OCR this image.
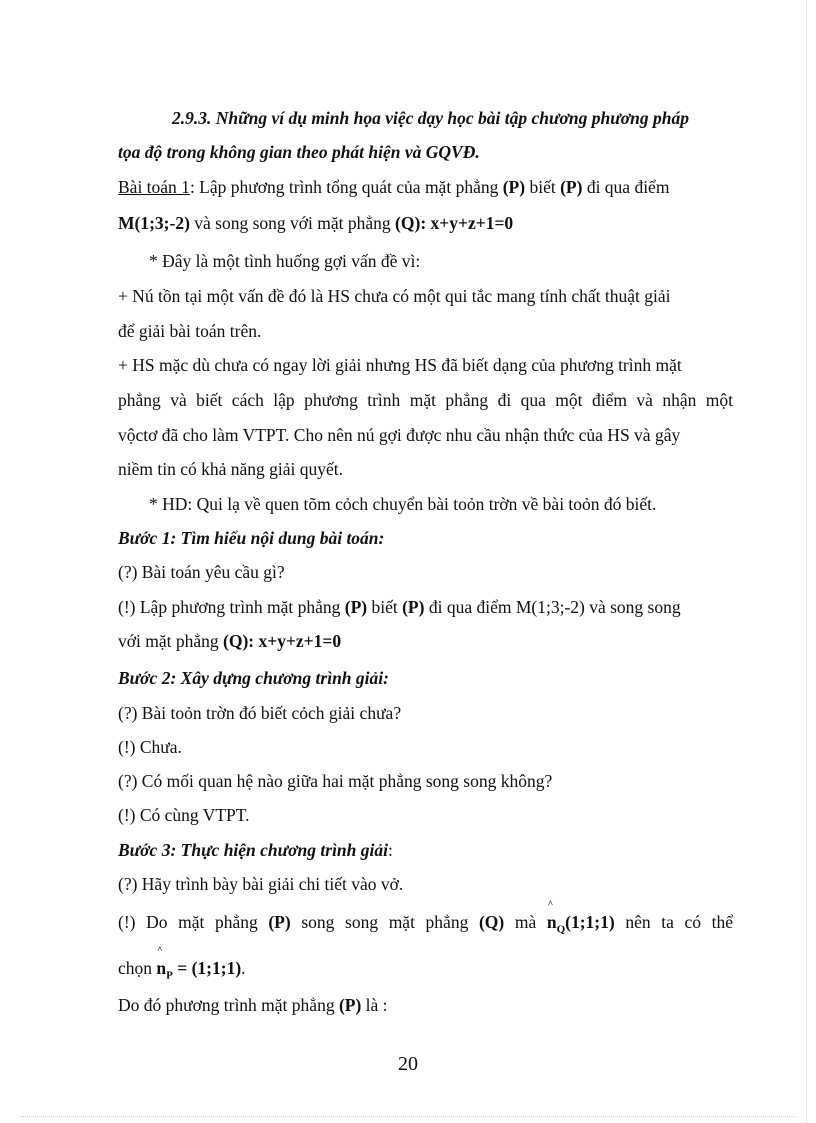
2.9.3. Những ví dụ minh họa việc dạy học bài tập chương phương pháp
tọa độ trong không gian theo phát hiện và GQVĐ.
Bài toán 1: Lập phương trình tổng quát của mặt phẳng (P) biết (P) đi qua điểm
M(1;3;-2) và song song với mặt phẳng (Q): x+y+z+1=0
* Đây là một tình huống gợi vấn đề vì:
+ Nú tồn tại một vấn đề đó là HS chưa có một qui tắc mang tính chất thuật giải
để giải bài toán trên.
+ HS mặc dù chưa có ngay lời giải nhưng HS đã biết dạng của phương trình mặt
phẳng và biết cách lập phương trình mặt phẳng đi qua một điểm và nhận một
vộctơ đã cho làm VTPT. Cho nên nú gợi được nhu cầu nhận thức của HS và gây
niềm tin có khả năng giải quyết.
* HD: Qui lạ về quen tõm cỏch chuyển bài toỏn trờn về bài toỏn đó biết.
Bước 1: Tìm hiểu nội dung bài toán:
(?) Bài toán yêu cầu gì?
(!) Lập phương trình mặt phẳng (P) biết (P) đi qua điểm M(1;3;-2) và song song
với mặt phẳng (Q): x+y+z+1=0
Bước 2: Xây dựng chương trình giải:
(?) Bài toỏn trờn đó biết cỏch giải chưa?
(!) Chưa.
(?) Có mối quan hệ nào giữa hai mặt phẳng song song không?
(!) Có cùng VTPT.
Bước 3: Thực hiện chương trình giải:
(?) Hãy trình bày bài giải chi tiết vào vở.
(!) Do mặt phẳng (P) song song mặt phẳng (Q) mà
˄
$n_Q(1;1;1)$ nên ta có thể
chọn
˄
$n_P$ = (1;1;1).
Do đó phương trình mặt phẳng (P) là :
20
